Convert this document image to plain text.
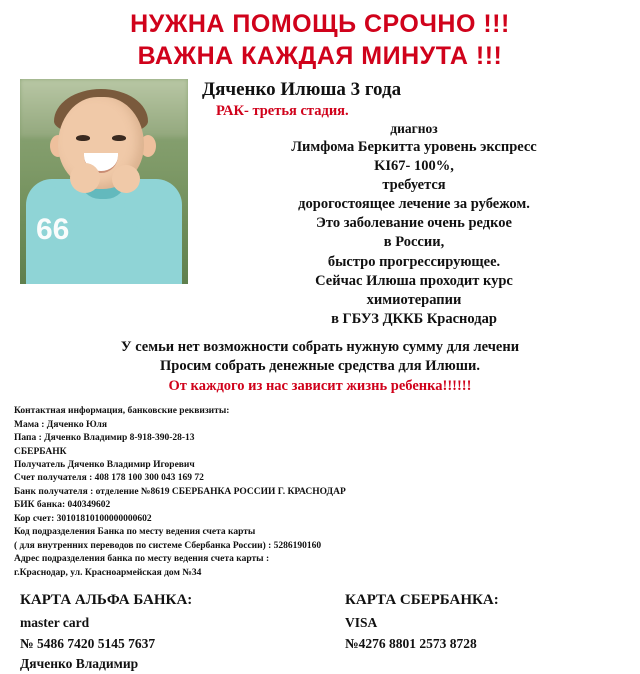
НУЖНА ПОМОЩЬ СРОЧНО !!!
ВАЖНА КАЖДАЯ МИНУТА !!!
66
Дяченко Илюша 3 года
РАК- третья стадия.
диагноз
Лимфома Беркитта уровень экспресс
KI67- 100%,
требуется
дорогостоящее лечение за рубежом.
Это заболевание очень редкое
в России,
быстро прогрессирующее.
Сейчас Илюша проходит курс
химиотерапии
в ГБУЗ ДККБ Краснодар
У семьи нет возможности собрать нужную сумму для лечени
Просим собрать денежные средства для Илюши.
От каждого из нас зависит жизнь ребенка!!!!!!
Контактная информация, банковские реквизиты:
Мама : Дяченко Юля
Папа : Дяченко Владимир 8-918-390-28-13
СБЕРБАНК
Получатель Дяченко Владимир Игоревич
Счет получателя : 408 178 100 300 043 169 72
Банк получателя : отделение №8619 СБЕРБАНКА РОССИИ Г. КРАСНОДАР
БИК банка: 040349602
Кор счет: 30101810100000000602
Код подразделения Банка по месту ведения счета карты
( для внутренних переводов по системе Сбербанка России) : 5286190160
Адрес подразделения банка по месту ведения счета карты :
г.Краснодар, ул. Красноармейская дом №34
КАРТА АЛЬФА БАНКА:
master card
№ 5486 7420 5145 7637
Дяченко Владимир
КАРТА СБЕРБАНКА:
VISA
№4276 8801 2573 8728
